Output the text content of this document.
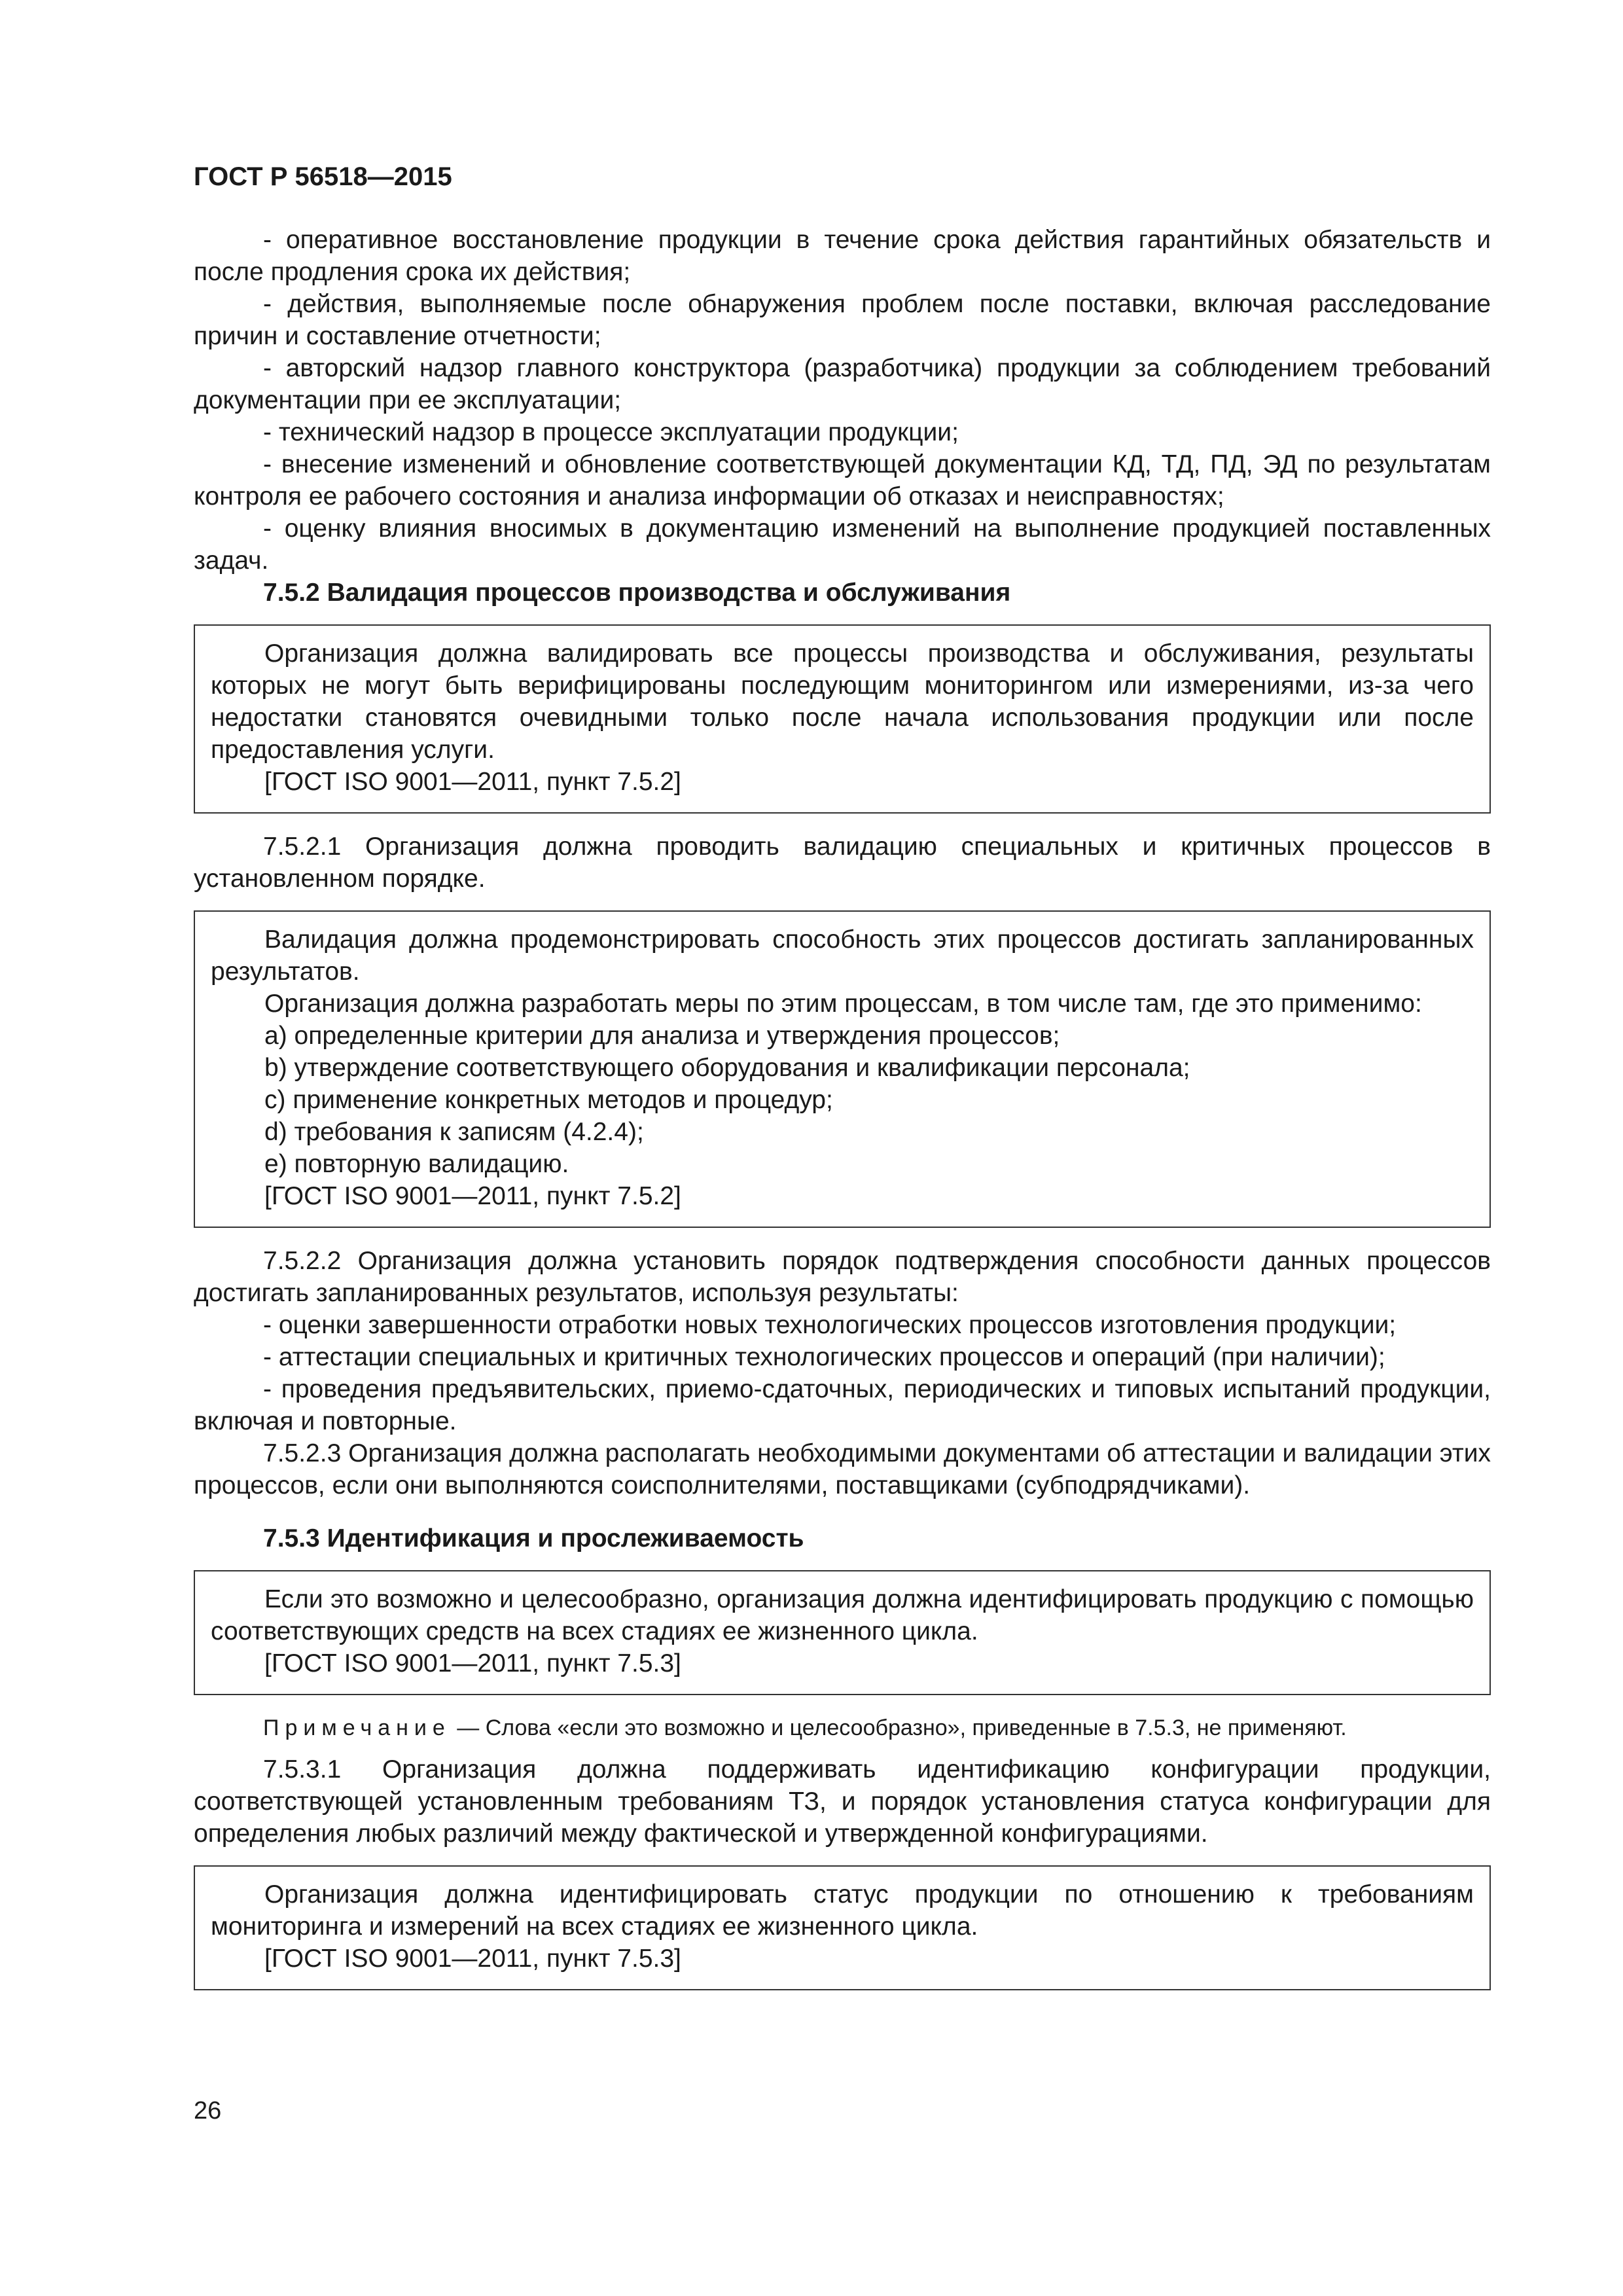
ГОСТ Р 56518—2015

- оперативное восстановление продукции в течение срока действия гарантийных обязательств и после продления срока их действия;

- действия, выполняемые после обнаружения проблем после поставки, включая расследование причин и составление отчетности;

- авторский надзор главного конструктора (разработчика) продукции за соблюдением требований документации при ее эксплуатации;

- технический надзор в процессе эксплуатации продукции;

- внесение изменений и обновление соответствующей документации КД, ТД, ПД, ЭД по результатам контроля ее рабочего состояния и анализа информации об отказах и неисправностях;

- оценку влияния вносимых в документацию изменений на выполнение продукцией поставленных задач.

7.5.2 Валидация процессов производства и обслуживания

Организация должна валидировать все процессы производства и обслуживания, результаты которых не могут быть верифицированы последующим мониторингом или измерениями, из-за чего недостатки становятся очевидными только после начала использования продукции или после предоставления услуги.

[ГОСТ ISO 9001—2011, пункт 7.5.2]

7.5.2.1 Организация должна проводить валидацию специальных и критичных процессов в установленном порядке.

Валидация должна продемонстрировать способность этих процессов достигать запланированных результатов.

Организация должна разработать меры по этим процессам, в том числе там, где это применимо:

a) определенные критерии для анализа и утверждения процессов;

b) утверждение соответствующего оборудования и квалификации персонала;

c) применение конкретных методов и процедур;

d) требования к записям (4.2.4);

e) повторную валидацию.

[ГОСТ ISO 9001—2011, пункт 7.5.2]

7.5.2.2 Организация должна установить порядок подтверждения способности данных процессов достигать запланированных результатов, используя результаты:

- оценки завершенности отработки новых технологических процессов изготовления продукции;

- аттестации специальных и критичных технологических процессов и операций (при наличии);

- проведения предъявительских, приемо-сдаточных, периодических и типовых испытаний продукции, включая и повторные.

7.5.2.3 Организация должна располагать необходимыми документами об аттестации и валидации этих процессов, если они выполняются соисполнителями, поставщиками (субподрядчиками).

7.5.3 Идентификация и прослеживаемость

Если это возможно и целесообразно, организация должна идентифицировать продукцию с помощью соответствующих средств на всех стадиях ее жизненного цикла.

[ГОСТ ISO 9001—2011, пункт 7.5.3]

Примечание — Слова «если это возможно и целесообразно», приведенные в 7.5.3, не применяют.

7.5.3.1 Организация должна поддерживать идентификацию конфигурации продукции, соответствующей установленным требованиям ТЗ, и порядок установления статуса конфигурации для определения любых различий между фактической и утвержденной конфигурациями.

Организация должна идентифицировать статус продукции по отношению к требованиям мониторинга и измерений на всех стадиях ее жизненного цикла.

[ГОСТ ISO 9001—2011, пункт 7.5.3]

26
